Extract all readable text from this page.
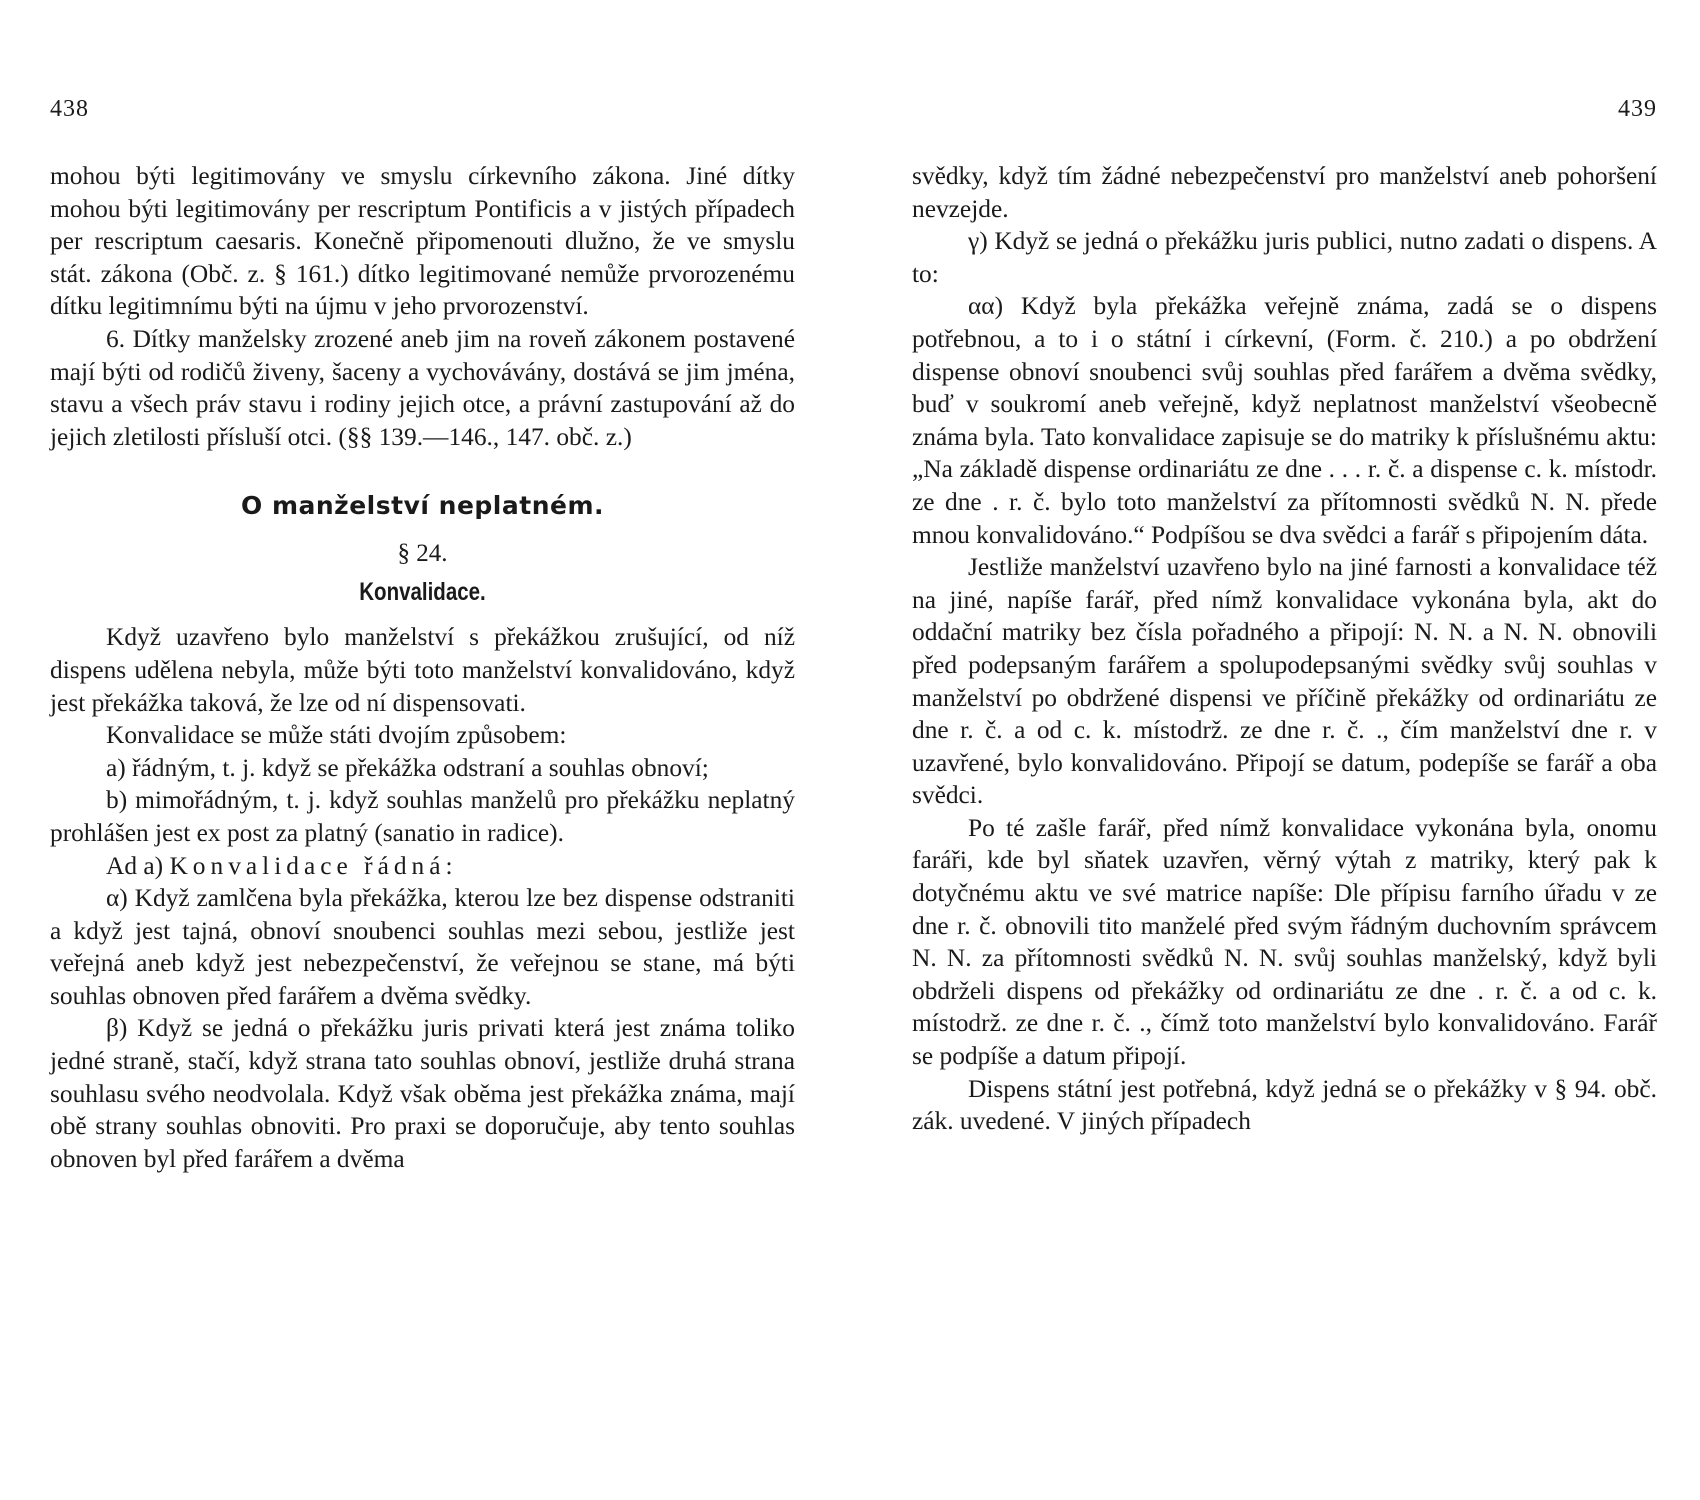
438

mohou býti legitimovány ve smyslu církevního zákona. Jiné dítky mohou býti legitimovány per rescriptum Pontificis a v jistých případech per rescriptum caesaris. Konečně připomenouti dlužno, že ve smyslu stát. zákona (Obč. z. § 161.) dítko legitimované nemůže prvorozenému dítku legitimnímu býti na újmu v jeho prvorozenství.

6. Dítky manželsky zrozené aneb jim na roveň zákonem postavené mají býti od rodičů živeny, šaceny a vychovávány, dostává se jim jména, stavu a všech práv stavu i rodiny jejich otce, a právní zastupování až do jejich zletilosti přísluší otci. (§§ 139.—146., 147. obč. z.)

O manželství neplatném.
§ 24.
Konvalidace.

Když uzavřeno bylo manželství s překážkou zrušující, od níž dispens udělena nebyla, může býti toto manželství konvalidováno, když jest překážka taková, že lze od ní dispensovati.

Konvalidace se může státi dvojím způsobem:

a) řádným, t. j. když se překážka odstraní a souhlas obnoví;

b) mimořádným, t. j. když souhlas manželů pro překážku neplatný prohlášen jest ex post za platný (sanatio in radice).

Ad a) Konvalidace řádná:

α) Když zamlčena byla překážka, kterou lze bez dispense odstraniti a když jest tajná, obnoví snoubenci souhlas mezi sebou, jestliže jest veřejná aneb když jest nebezpečenství, že veřejnou se stane, má býti souhlas obnoven před farářem a dvěma svědky.

β) Když se jedná o překážku juris privati která jest známa toliko jedné straně, stačí, když strana tato souhlas obnoví, jestliže druhá strana souhlasu svého neodvolala. Když však oběma jest překážka známa, mají obě strany souhlas obnoviti. Pro praxi se doporučuje, aby tento souhlas obnoven byl před farářem a dvěma

439

svědky, když tím žádné nebezpečenství pro manželství aneb pohoršení nevzejde.

γ) Když se jedná o překážku juris publici, nutno zadati o dispens. A to:

αα) Když byla překážka veřejně známa, zadá se o dispens potřebnou, a to i o státní i církevní, (Form. č. 210.) a po obdržení dispense obnoví snoubenci svůj souhlas před farářem a dvěma svědky, buď v soukromí aneb veřejně, když neplatnost manželství všeobecně známa byla. Tato konvalidace zapisuje se do matriky k příslušnému aktu: „Na základě dispense ordinariátu ze dne . . . r. č. a dispense c. k. místodr. ze dne . r. č. bylo toto manželství za přítomnosti svědků N. N. přede mnou konvalidováno.“ Podpíšou se dva svědci a farář s připojením dáta.

Jestliže manželství uzavřeno bylo na jiné farnosti a konvalidace též na jiné, napíše farář, před nímž konvalidace vykonána byla, akt do oddační matriky bez čísla pořadného a připojí: N. N. a N. N. obnovili před podepsaným farářem a spolupodepsanými svědky svůj souhlas v manželství po obdržené dispensi ve příčině překážky od ordinariátu ze dne r. č. a od c. k. místodrž. ze dne r. č. ., čím manželství dne r. v uzavřené, bylo konvalidováno. Připojí se datum, podepíše se farář a oba svědci.

Po té zašle farář, před nímž konvalidace vykonána byla, onomu faráři, kde byl sňatek uzavřen, věrný výtah z matriky, který pak k dotyčnému aktu ve své matrice napíše: Dle přípisu farního úřadu v ze dne r. č. obnovili tito manželé před svým řádným duchovním správcem N. N. za přítomnosti svědků N. N. svůj souhlas manželský, když byli obdrželi dispens od překážky od ordinariátu ze dne . r. č. a od c. k. místodrž. ze dne r. č. ., čímž toto manželství bylo konvalidováno. Farář se podpíše a datum připojí.

Dispens státní jest potřebná, když jedná se o překážky v § 94. obč. zák. uvedené. V jiných případech
